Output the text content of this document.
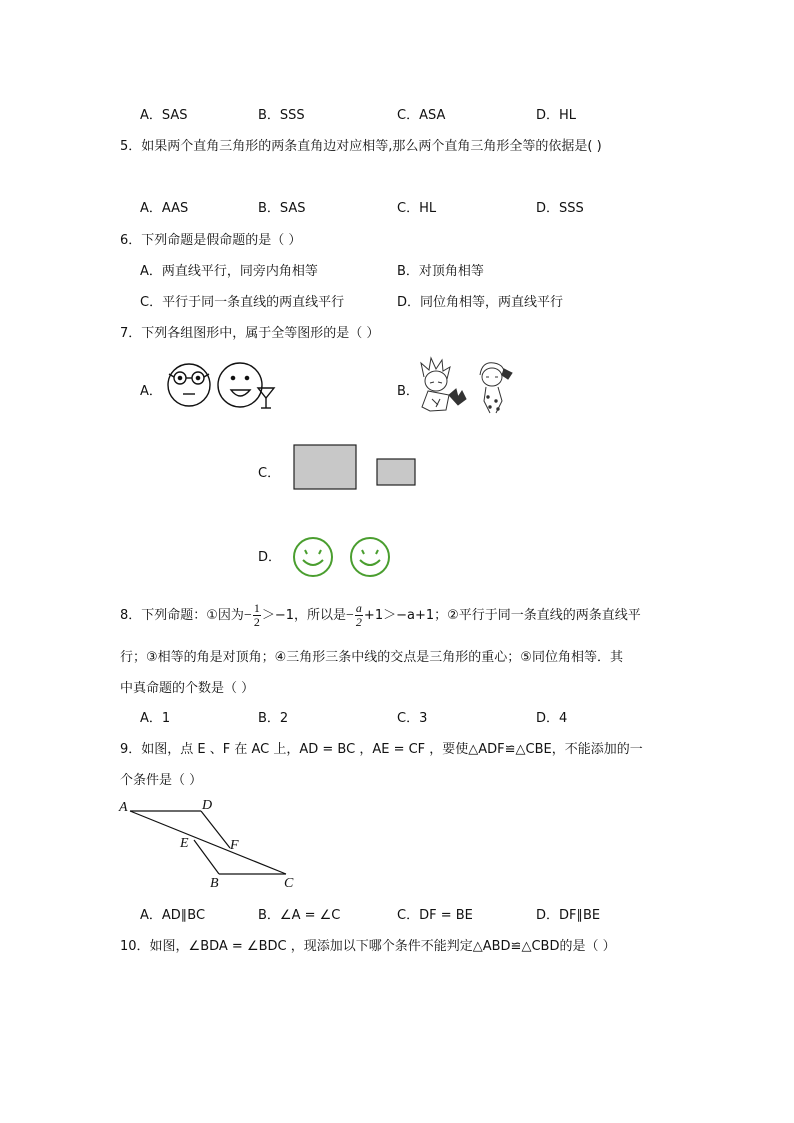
A．SAS	B．SSS	C．ASA	D．HL
5．如果两个直角三角形的两条直角边对应相等,那么两个直角三角形全等的依据是( )
A．AAS	B．SAS	C．HL	D．SSS
6．下列命题是假命题的是（ ）
A．两直线平行，同旁内角相等	B．对顶角相等
C．平行于同一条直线的两直线平行	D．同位角相等，两直线平行
7．下列各组图形中，属于全等图形的是（ ）
A．	B．
C．
D．
8．下列命题：①因为− $\frac{1}{2} >-1$，所以是− $\frac{a}{2} +1>-a+1$；②平行于同一条直线的两条直线平
行；③相等的角是对顶角；④三角形三条中线的交点是三角形的重心；⑤同位角相等．其
中真命题的个数是（ ）
A．1	B．2	C．3	D．4
9．如图，点 E 、F 在 AC 上，AD = BC ，AE = CF ，要使△ADF≌△CBE，不能添加的一
个条件是（ ）
A	D
E	F
B	C
A．AD∥BC	B．∠A = ∠C	C．DF = BE	D．DF∥BE
10．如图，∠BDA = ∠BDC ，现添加以下哪个条件不能判定△ABD≌△CBD的是（ ）
